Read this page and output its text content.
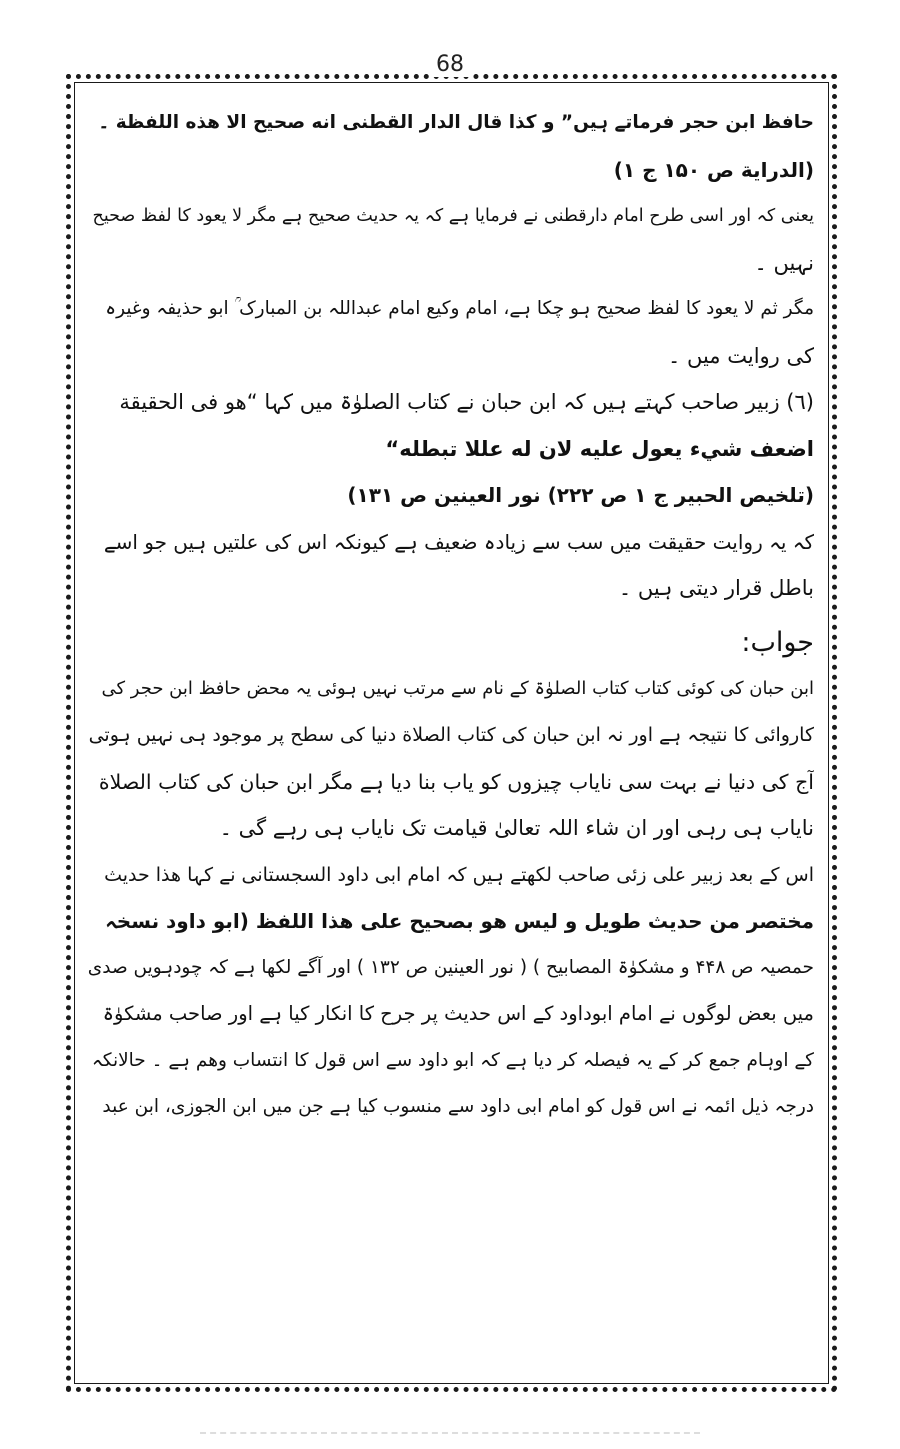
68
حافظ ابن حجر فرماتے ہیں” و كذا قال الدار القطنی انه صحيح الا هذه اللفظة ۔
(الدراية ص ۱۵۰ ج ۱)
یعنی کہ اور اسی طرح امام دارقطنی نے فرمایا ہے کہ یہ حدیث صحیح ہے مگر لا یعود کا لفظ صحیح
نہیں ۔
مگر ثم لا یعود کا لفظ صحیح ہو چکا ہے، امام وکیع امام عبداللہ بن المبارک ؒ ابو حذیفہ وغیرہ
کی روایت میں ۔
(٦) زبیر صاحب کہتے ہیں کہ ابن حبان نے کتاب الصلوٰۃ میں کہا “هو فی الحقیقة
اضعف شيء يعول عليه لان له عللا تبطله“
(تلخیص الحبیر ج ۱ ص ۲۲۲) نور العینین ص ۱۳۱)
کہ یہ روایت حقیقت میں سب سے زیادہ ضعیف ہے کیونکہ اس کی علتیں ہیں جو اسے
باطل قرار دیتی ہیں ۔
جواب:
ابن حبان کی کوئی کتاب کتاب الصلوٰۃ کے نام سے مرتب نہیں ہوئی یہ محض حافظ ابن حجر کی
کاروائی کا نتیجہ ہے اور نہ ابن حبان کی کتاب الصلاة دنیا کی سطح پر موجود ہی نہیں ہوتی
آج کی دنیا نے بہت سی نایاب چیزوں کو یاب بنا دیا ہے مگر ابن حبان کی کتاب الصلاة
نایاب ہی رہی اور ان شاء اللہ تعالیٰ قیامت تک نایاب ہی رہے گی ۔
اس کے بعد زبیر علی زئی صاحب لکھتے ہیں کہ امام ابی داود السجستانی نے کہا هذا حديث
مختصر من حديث طويل و ليس هو بصحيح على هذا اللفظ (ابو داود نسخہ
حمصیہ ص ۴۴۸ و مشکوٰۃ المصابیح ) ( نور العینین ص ۱۳۲ ) اور آگے لکھا ہے کہ چودہویں صدی
میں بعض لوگوں نے امام ابوداود کے اس حدیث پر جرح کا انکار کیا ہے اور صاحب مشکوٰۃ
کے اوہام جمع کر کے یہ فیصلہ کر دیا ہے کہ ابو داود سے اس قول کا انتساب وھم ہے ۔ حالانکہ
درجہ ذیل ائمہ نے اس قول کو امام ابی داود سے منسوب کیا ہے جن میں ابن الجوزی، ابن عبد
